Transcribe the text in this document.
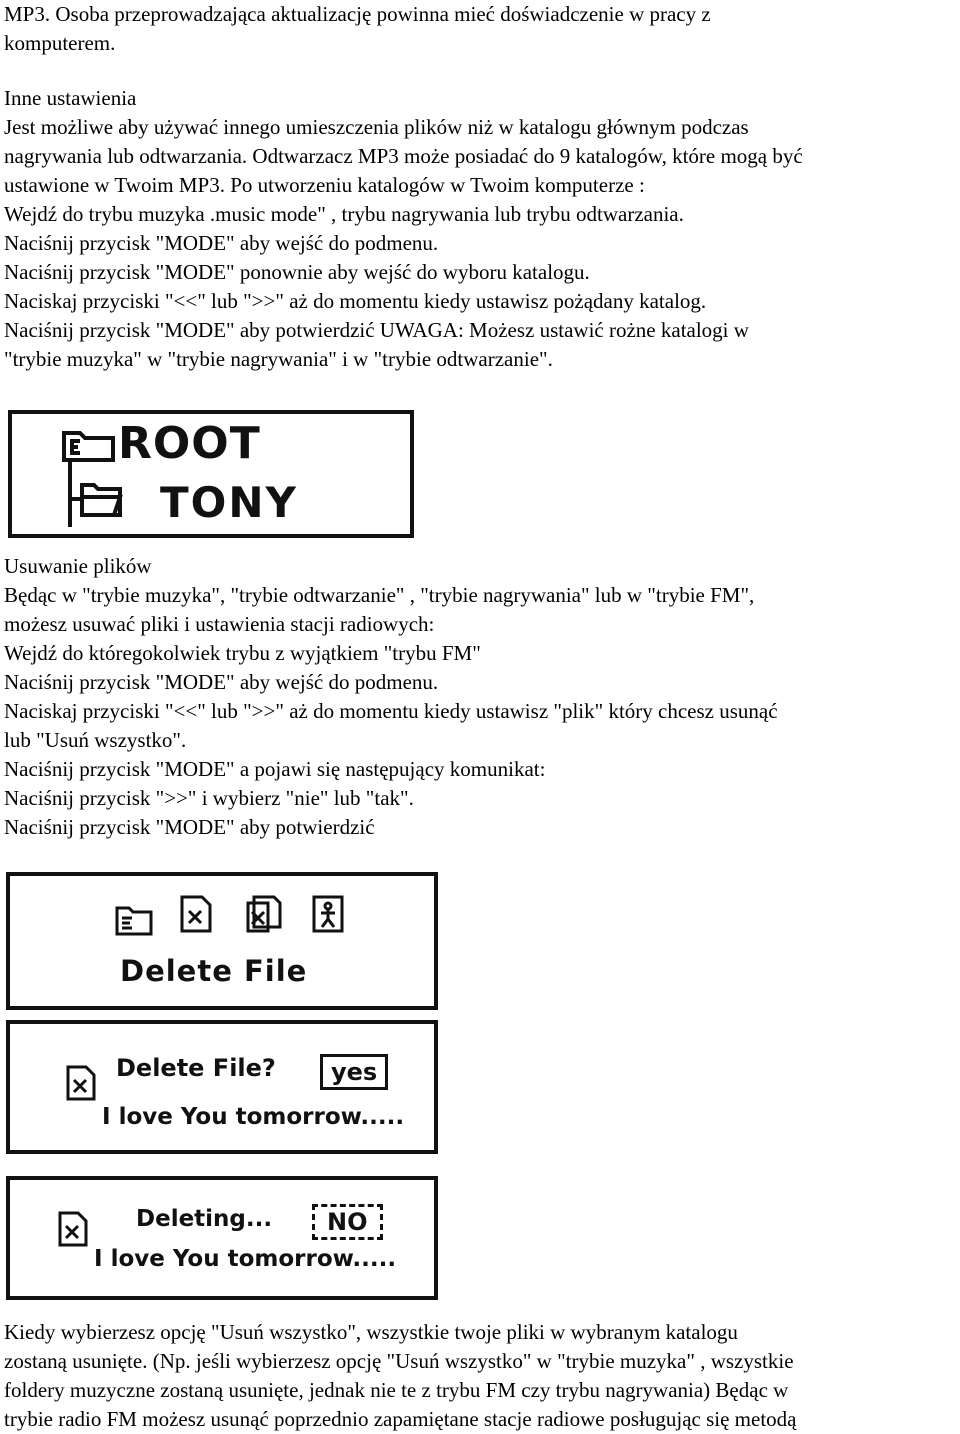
MP3. Osoba przeprowadzająca aktualizację powinna mieć doświadczenie w pracy z

komputerem.

Inne ustawienia

Jest możliwe aby używać innego umieszczenia plików niż w katalogu głównym podczas

nagrywania lub odtwarzania. Odtwarzacz MP3 może posiadać do 9 katalogów, które mogą być

ustawione w Twoim MP3. Po utworzeniu katalogów w Twoim komputerze :

Wejdź do trybu muzyka .music mode" , trybu nagrywania lub trybu odtwarzania.

Naciśnij przycisk "MODE" aby wejść do podmenu.

Naciśnij przycisk "MODE" ponownie aby wejść do wyboru katalogu.

Naciskaj przyciski "<<" lub ">>" aż do momentu kiedy ustawisz pożądany katalog.

Naciśnij przycisk "MODE" aby potwierdzić UWAGA: Możesz ustawić rożne katalogi w

"trybie muzyka" w "trybie nagrywania" i w "trybie odtwarzanie".

ROOT
TONY

Usuwanie plików

Będąc w "trybie muzyka", "trybie odtwarzanie" , "trybie nagrywania" lub w "trybie FM",

możesz usuwać pliki i ustawienia stacji radiowych:

Wejdź do któregokolwiek trybu z wyjątkiem "trybu FM"

Naciśnij przycisk "MODE" aby wejść do podmenu.

Naciskaj przyciski "<<" lub ">>" aż do momentu kiedy ustawisz "plik" który chcesz usunąć

lub "Usuń wszystko".

Naciśnij przycisk "MODE" a pojawi się następujący komunikat:

Naciśnij przycisk ">>" i wybierz "nie" lub "tak".

Naciśnij przycisk "MODE" aby potwierdzić

Delete File
Delete File?	yes
I love You tomorrow.....
Deleting...	NO
I love You tomorrow.....

Kiedy wybierzesz opcję "Usuń wszystko", wszystkie twoje pliki w wybranym katalogu

zostaną usunięte. (Np. jeśli wybierzesz opcję "Usuń wszystko" w "trybie muzyka" , wszystkie

foldery muzyczne zostaną usunięte, jednak nie te z trybu FM czy trybu nagrywania) Będąc w

trybie radio FM możesz usunąć poprzednio zapamiętane stacje radiowe posługując się metodą
